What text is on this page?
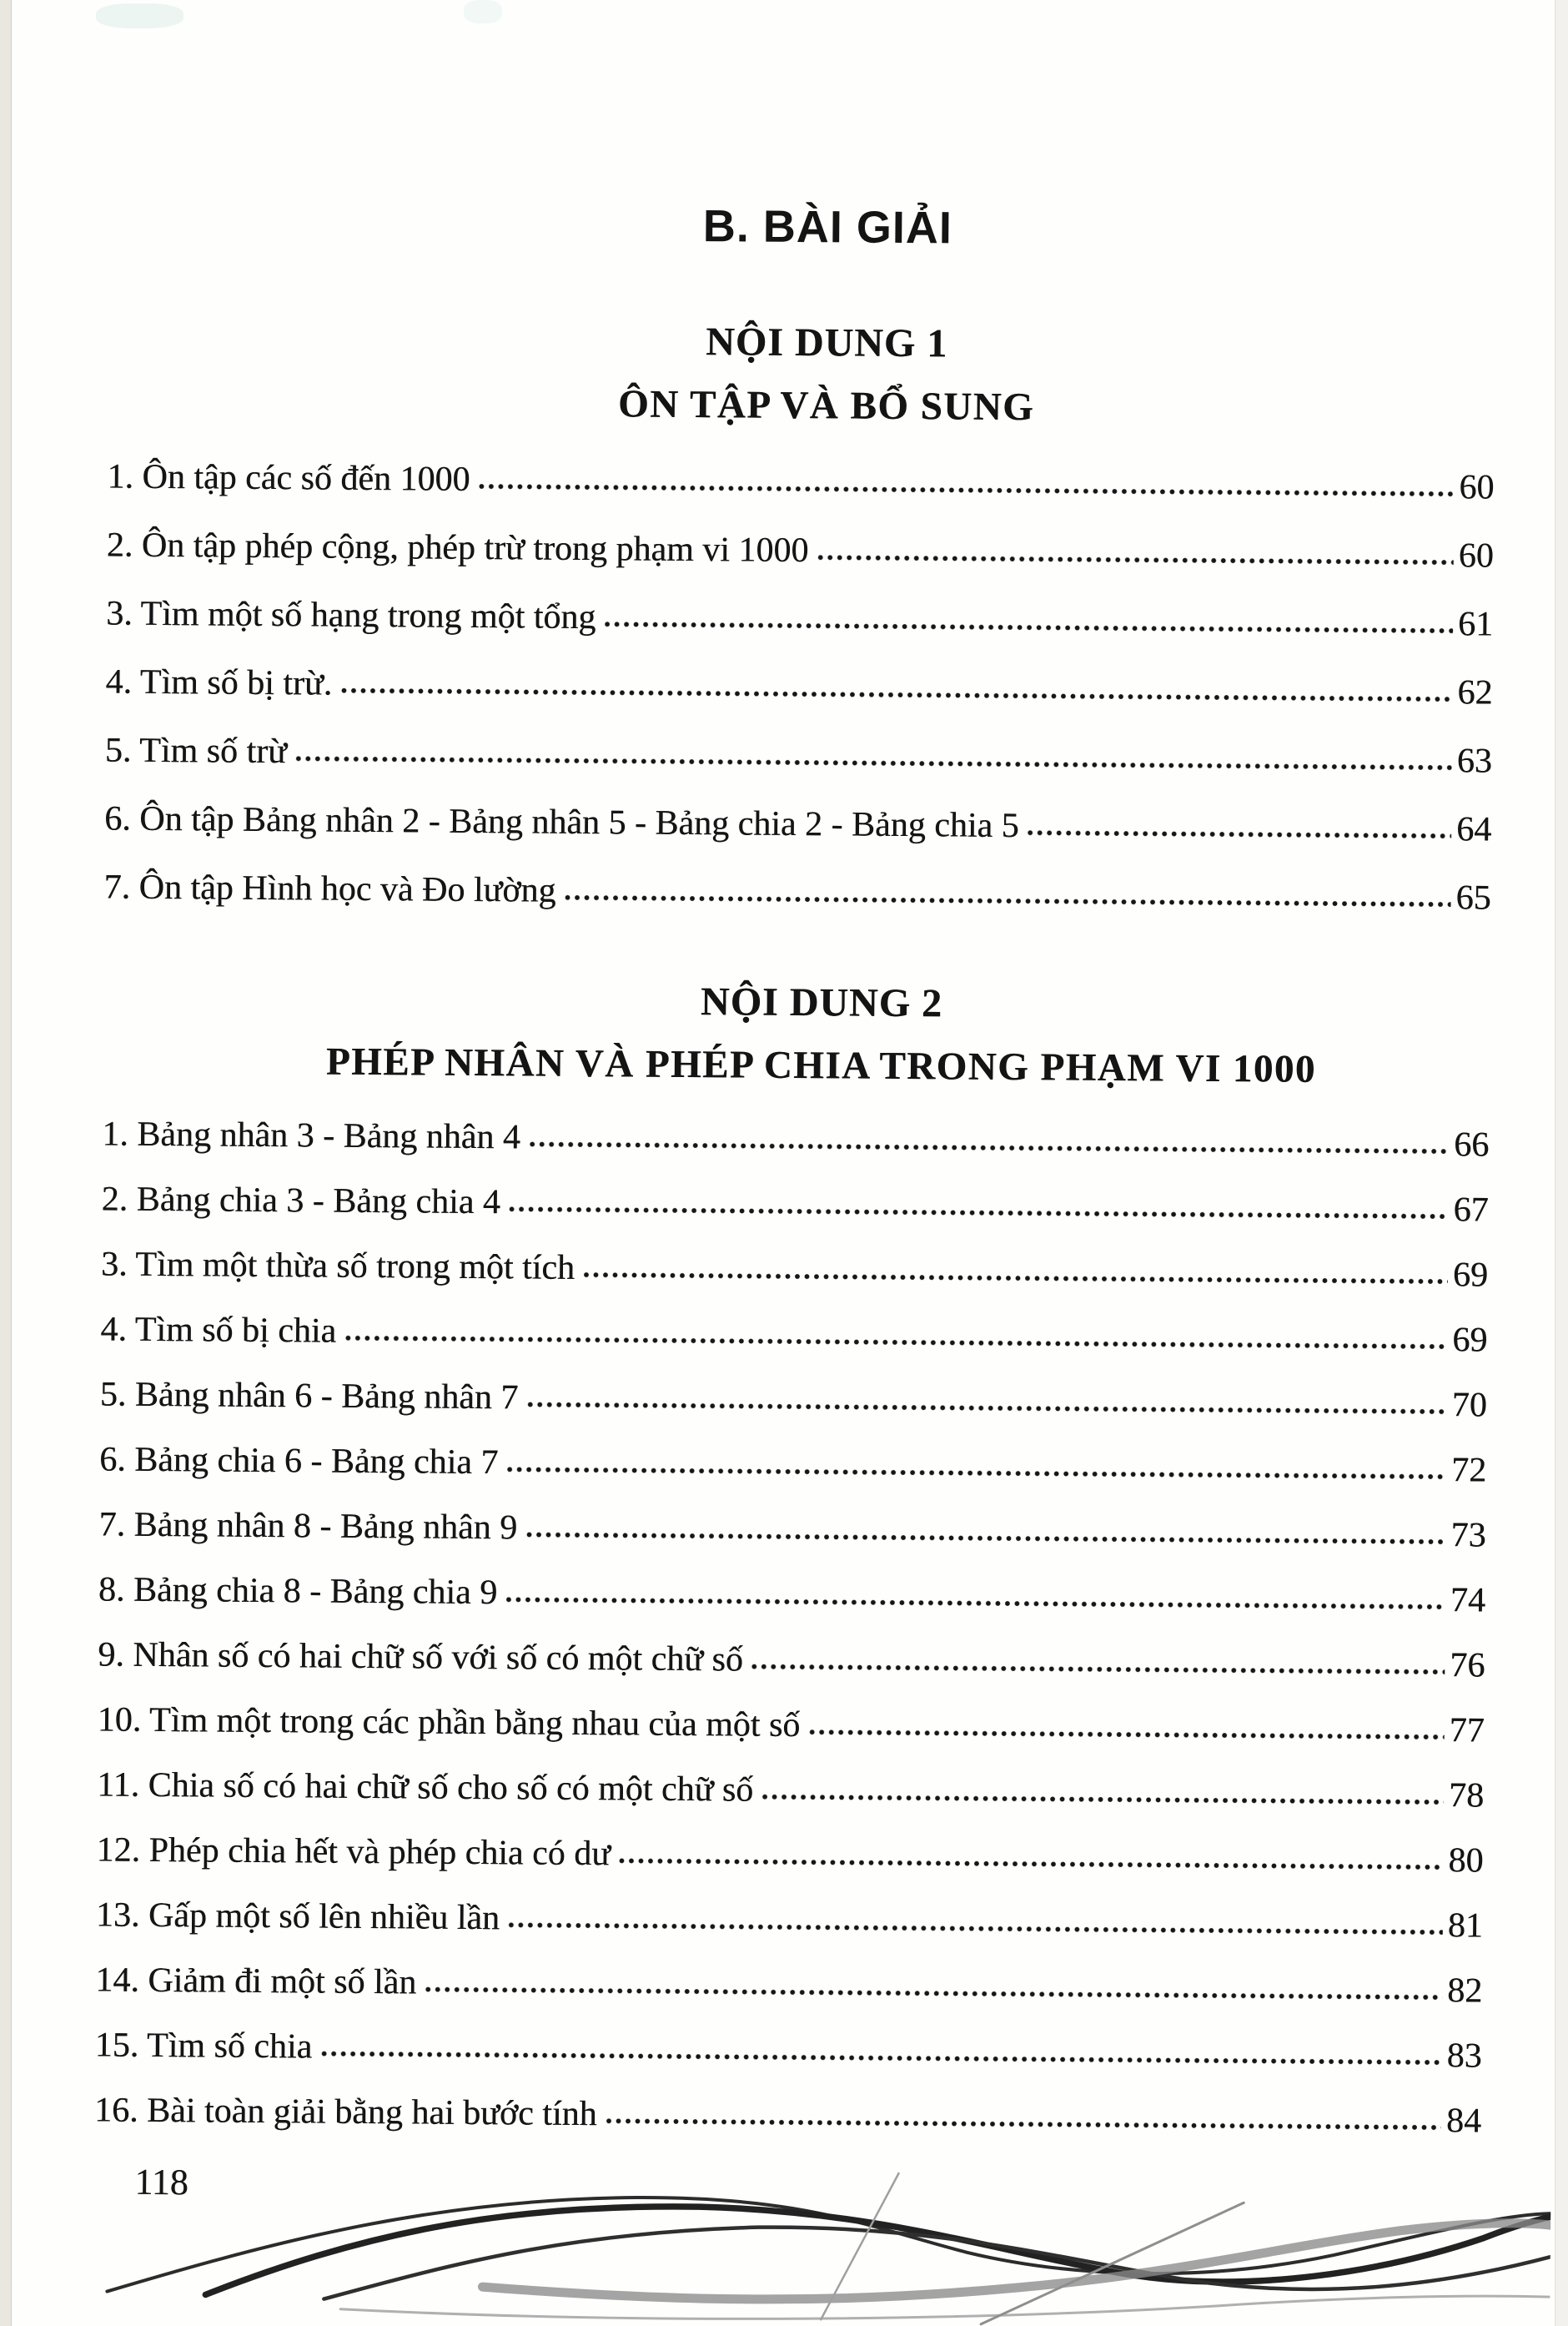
B. BÀI GIẢI
NỘI DUNG 1
ÔN TẬP VÀ BỔ SUNG
1. Ôn tập các số đến 1000	60
2. Ôn tập phép cộng, phép trừ trong phạm vi 1000	60
3. Tìm một số hạng trong một tổng	61
4. Tìm số bị trừ.	62
5. Tìm số trừ	63
6. Ôn tập Bảng nhân 2 - Bảng nhân 5 - Bảng chia 2 - Bảng chia 5	64
7. Ôn tập Hình học và Đo lường	65
NỘI DUNG 2
PHÉP NHÂN VÀ PHÉP CHIA TRONG PHẠM VI 1000
1. Bảng nhân 3 - Bảng nhân 4	66
2. Bảng chia 3 - Bảng chia 4	67
3. Tìm một thừa số trong một tích	69
4. Tìm số bị chia	69
5. Bảng nhân 6 - Bảng nhân 7	70
6. Bảng chia 6 - Bảng chia 7	72
7. Bảng nhân 8 - Bảng nhân 9	73
8. Bảng chia 8 - Bảng chia 9	74
9. Nhân số có hai chữ số với số có một chữ số	76
10. Tìm một trong các phần bằng nhau của một số	77
11. Chia số có hai chữ số cho số có một chữ số	78
12. Phép chia hết và phép chia có dư	80
13. Gấp một số lên nhiều lần	81
14. Giảm đi một số lần	82
15. Tìm số chia	83
16. Bài toàn giải bằng hai bước tính	84
118
